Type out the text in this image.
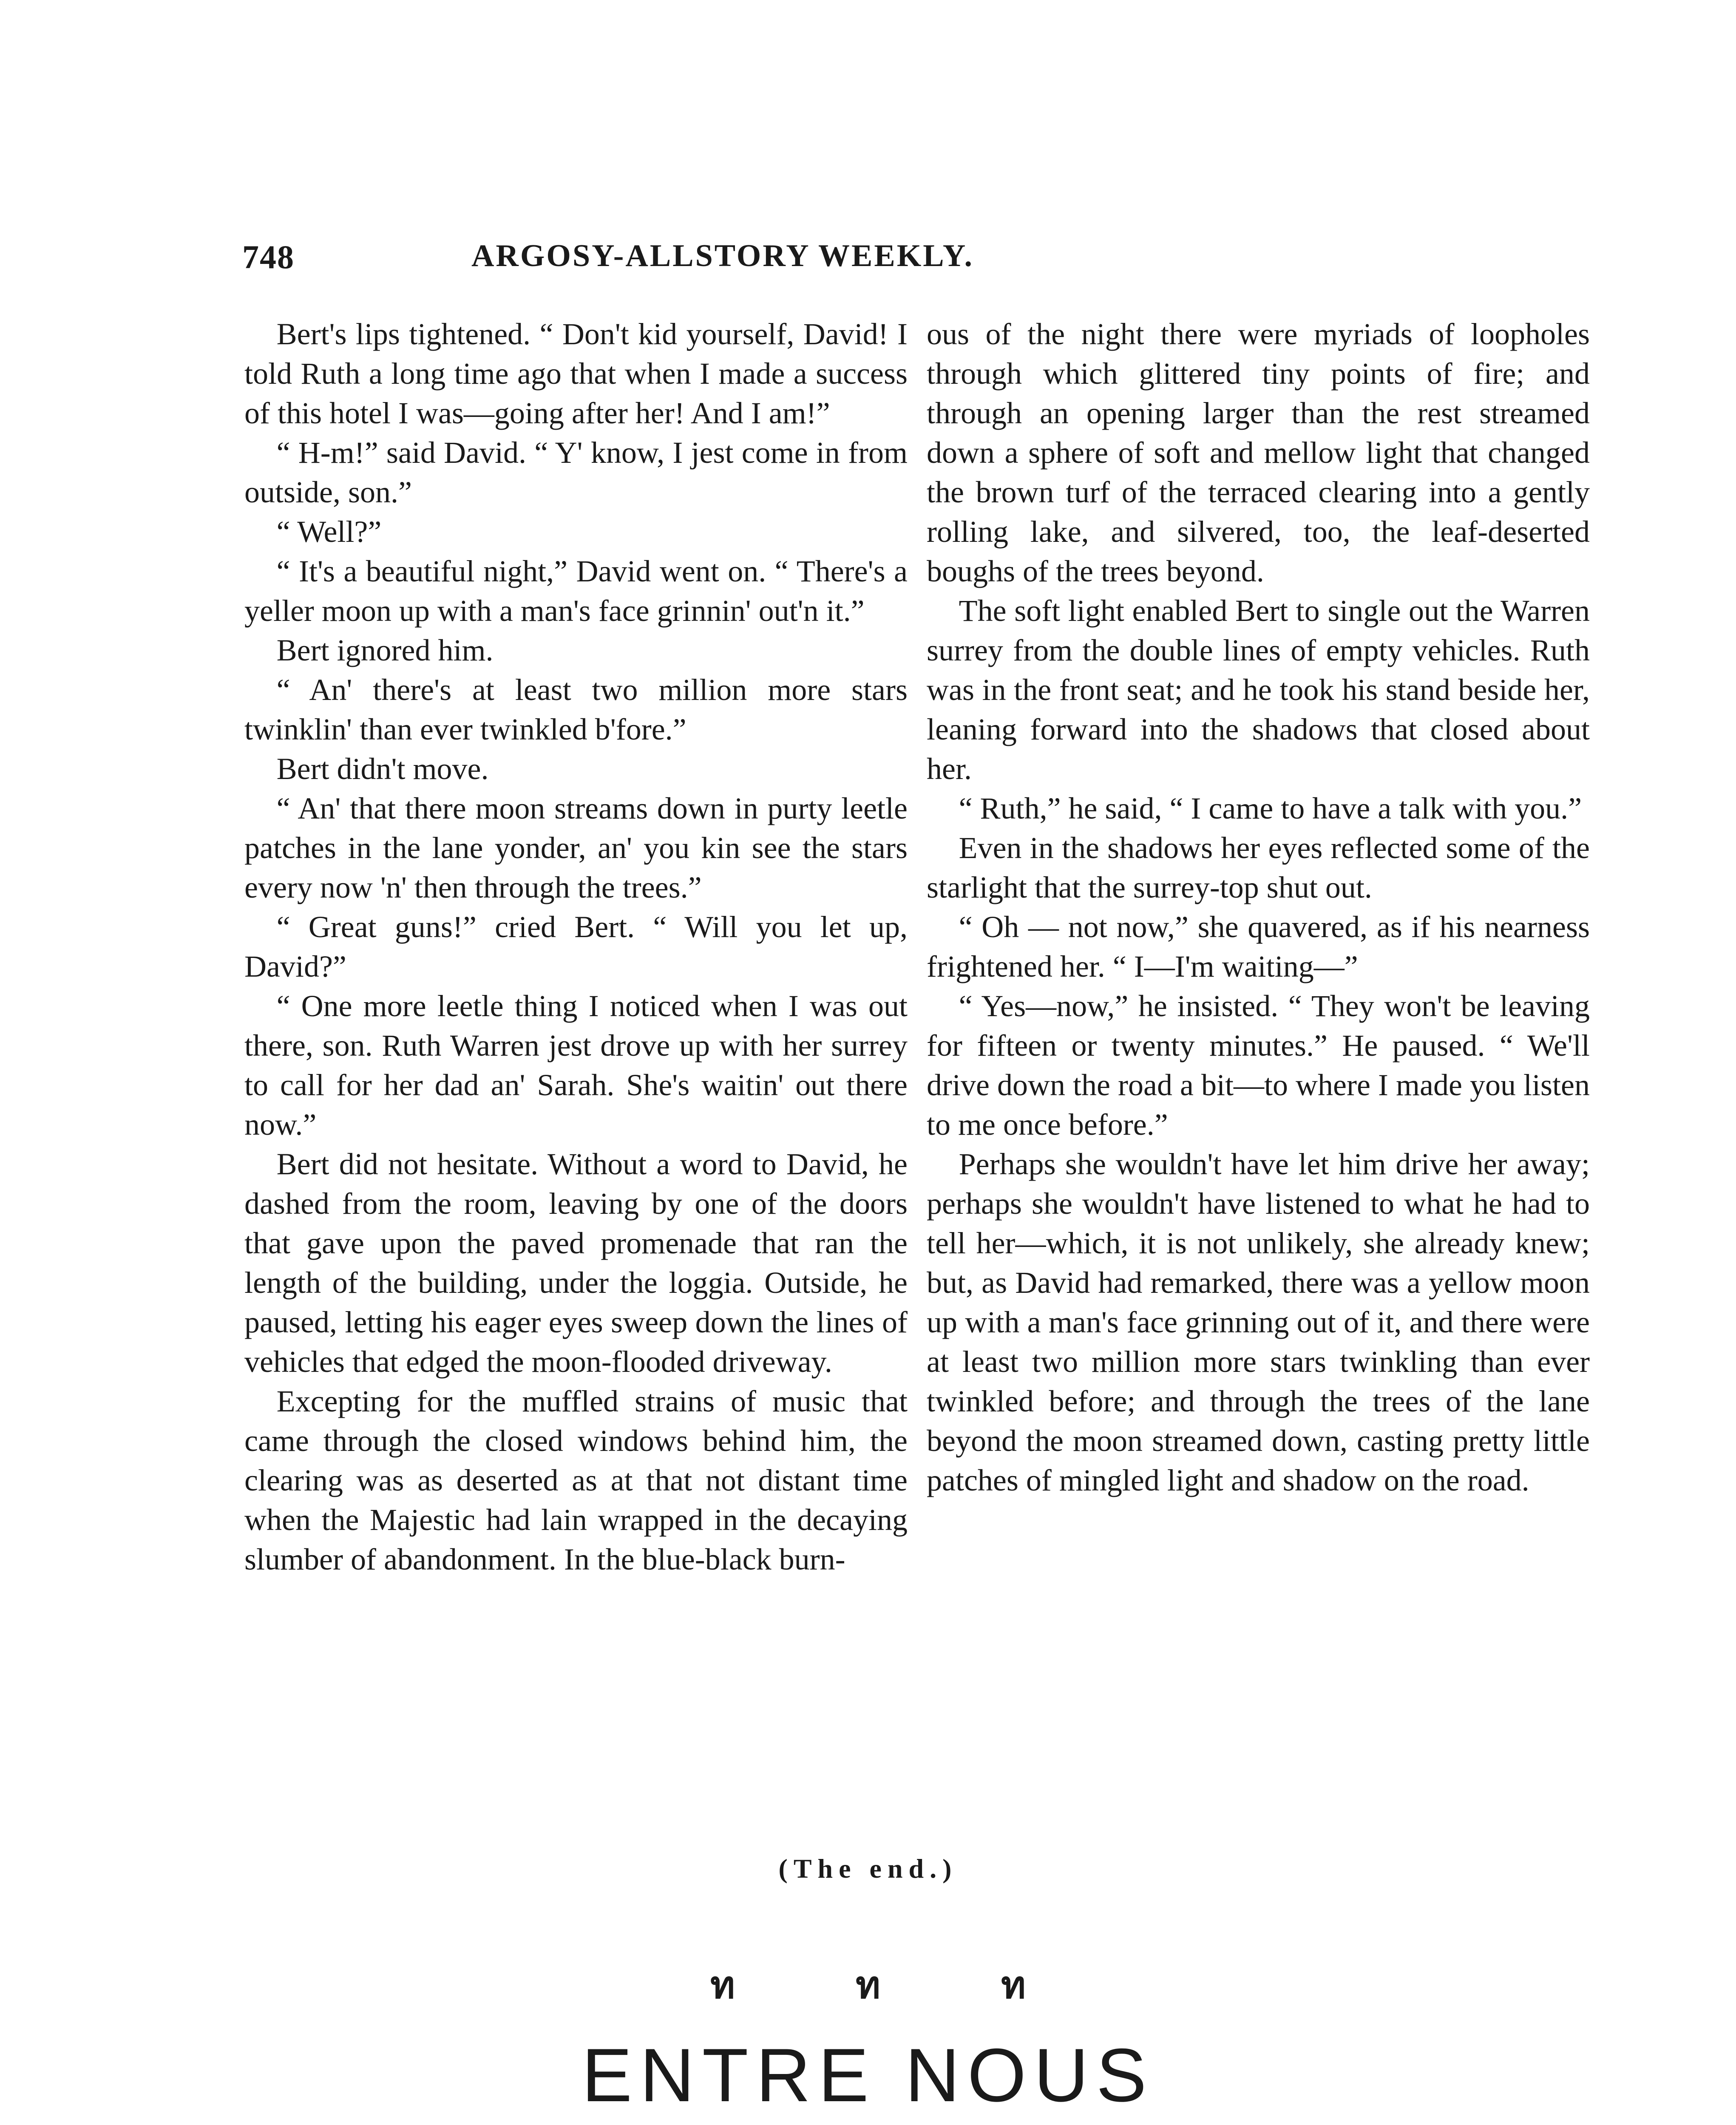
748	ARGOSY-ALLSTORY WEEKLY.

Bert's lips tightened. “ Don't kid yourself, David! I told Ruth a long time ago that when I made a success of this hotel I was—going after her! And I am!”

“ H-m!” said David. “ Y' know, I jest come in from outside, son.”

“ Well?”

“ It's a beautiful night,” David went on. “ There's a yeller moon up with a man's face grinnin' out'n it.”

Bert ignored him.

“ An' there's at least two million more stars twinklin' than ever twinkled b'fore.”

Bert didn't move.

“ An' that there moon streams down in purty leetle patches in the lane yonder, an' you kin see the stars every now 'n' then through the trees.”

“ Great guns!” cried Bert. “ Will you let up, David?”

“ One more leetle thing I noticed when I was out there, son. Ruth Warren jest drove up with her surrey to call for her dad an' Sarah. She's waitin' out there now.”

Bert did not hesitate. Without a word to David, he dashed from the room, leaving by one of the doors that gave upon the paved promenade that ran the length of the building, under the loggia. Outside, he paused, letting his eager eyes sweep down the lines of vehicles that edged the moon-flooded driveway.

Excepting for the muffled strains of music that came through the closed windows behind him, the clearing was as deserted as at that not distant time when the Majestic had lain wrapped in the decaying slumber of abandonment. In the blue-black burn-

ous of the night there were myriads of loopholes through which glittered tiny points of fire; and through an opening larger than the rest streamed down a sphere of soft and mellow light that changed the brown turf of the terraced clearing into a gently rolling lake, and silvered, too, the leaf-deserted boughs of the trees beyond.

The soft light enabled Bert to single out the Warren surrey from the double lines of empty vehicles. Ruth was in the front seat; and he took his stand beside her, leaning forward into the shadows that closed about her.

“ Ruth,” he said, “ I came to have a talk with you.”

Even in the shadows her eyes reflected some of the starlight that the surrey-top shut out.

“ Oh — not now,” she quavered, as if his nearness frightened her. “ I—I'm waiting—”

“ Yes—now,” he insisted. “ They won't be leaving for fifteen or twenty minutes.” He paused. “ We'll drive down the road a bit—to where I made you listen to me once before.”

Perhaps she wouldn't have let him drive her away; perhaps she wouldn't have listened to what he had to tell her—which, it is not unlikely, she already knew; but, as David had remarked, there was a yellow moon up with a man's face grinning out of it, and there were at least two million more stars twinkling than ever twinkled before; and through the trees of the lane beyond the moon streamed down, casting pretty little patches of mingled light and shadow on the road.

(The end.)
ท	ท	ท
ENTRE NOUS
